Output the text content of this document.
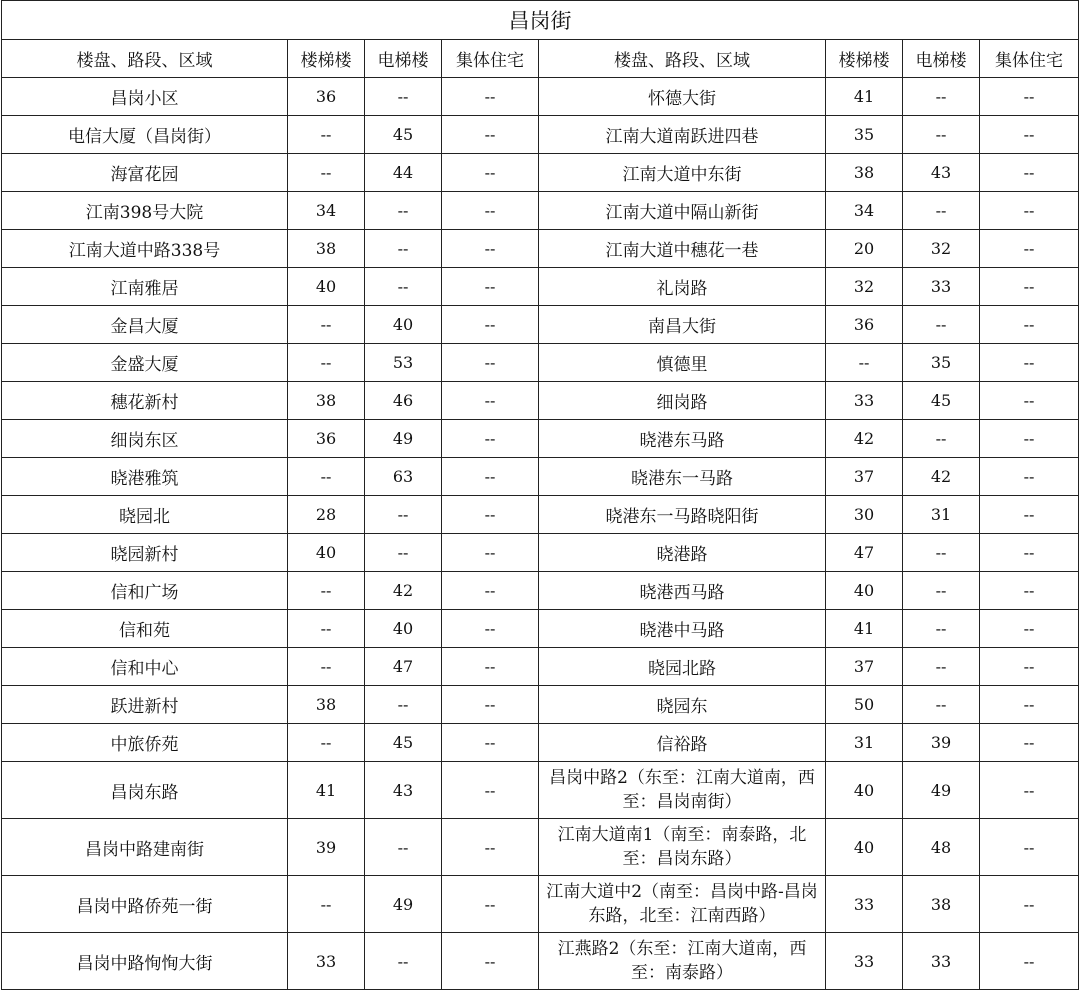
昌岗街							
楼盘、路段、区域	楼梯楼	电梯楼	集体住宅	楼盘、路段、区域	楼梯楼	电梯楼	集体住宅
昌岗小区	36	--	--	怀德大街	41	--	--
电信大厦（昌岗街）	--	45	--	江南大道南跃进四巷	35	--	--
海富花园	--	44	--	江南大道中东街	38	43	--
江南398号大院	34	--	--	江南大道中隔山新街	34	--	--
江南大道中路338号	38	--	--	江南大道中穗花一巷	20	32	--
江南雅居	40	--	--	礼岗路	32	33	--
金昌大厦	--	40	--	南昌大街	36	--	--
金盛大厦	--	53	--	慎德里	--	35	--
穗花新村	38	46	--	细岗路	33	45	--
细岗东区	36	49	--	晓港东马路	42	--	--
晓港雅筑	--	63	--	晓港东一马路	37	42	--
晓园北	28	--	--	晓港东一马路晓阳街	30	31	--
晓园新村	40	--	--	晓港路	47	--	--
信和广场	--	42	--	晓港西马路	40	--	--
信和苑	--	40	--	晓港中马路	41	--	--
信和中心	--	47	--	晓园北路	37	--	--
跃进新村	38	--	--	晓园东	50	--	--
中旅侨苑	--	45	--	信裕路	31	39	--
昌岗东路	41	43	--	昌岗中路2（东至：江南大道南，西至：昌岗南街）	40	49	--
昌岗中路建南街	39	--	--	江南大道南1（南至：南泰路，北至：昌岗东路）	40	48	--
昌岗中路侨苑一街	--	49	--	江南大道中2（南至：昌岗中路-昌岗东路，北至：江南西路）	33	38	--
昌岗中路恂恂大街	33	--	--	江燕路2（东至：江南大道南，西至：南泰路）	33	33	--
